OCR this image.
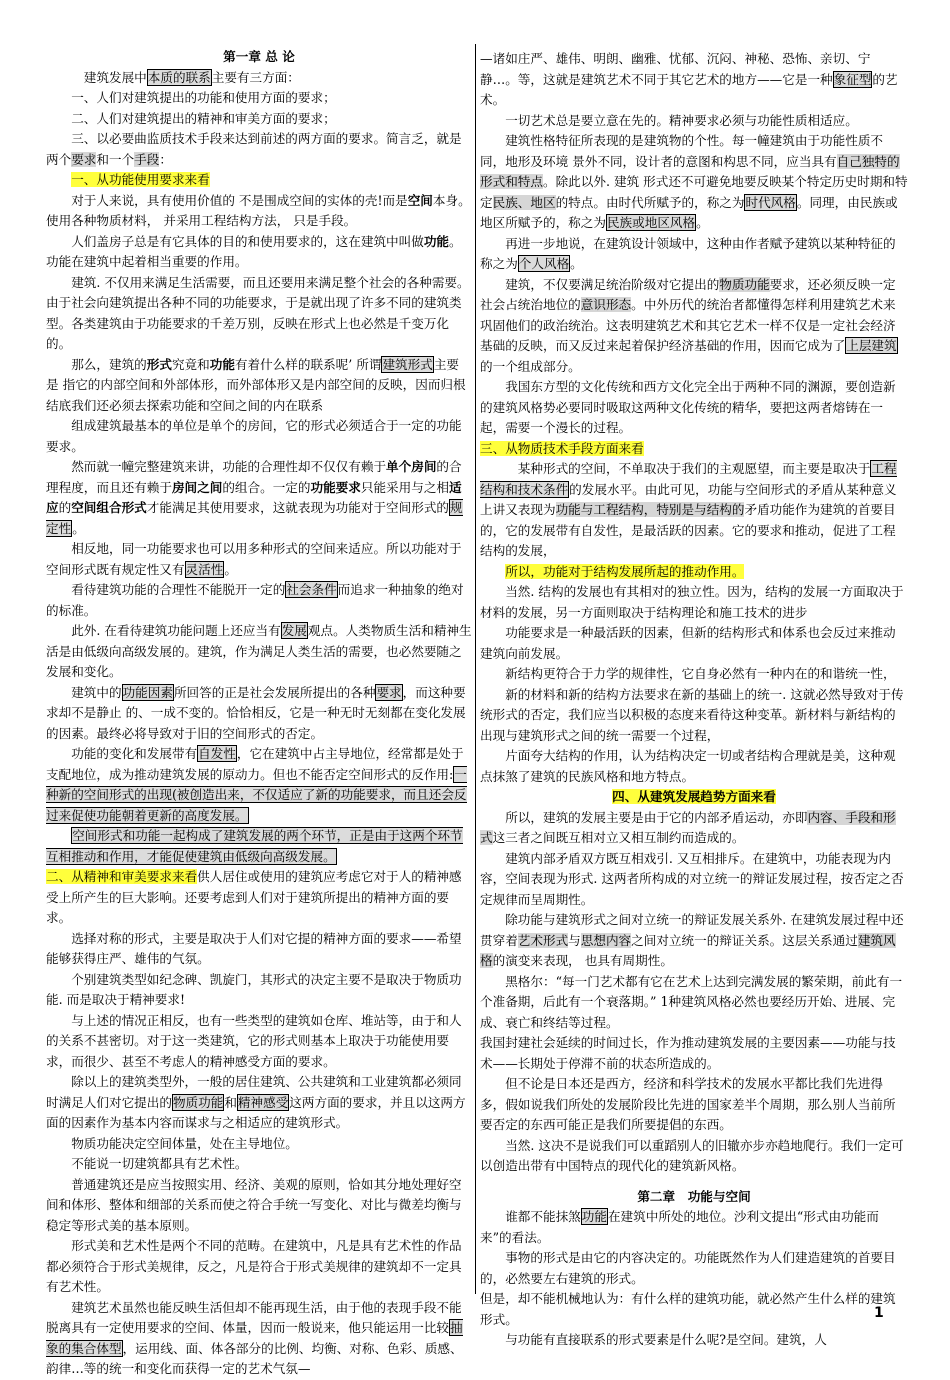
第一章 总 论

建筑发展中本质的联系主要有三方面：

一、人们对建筑提出的功能和使用方面的要求；

二、人们对建筑提出的精神和审美方面的要求；

三、以必要曲监质技术手段来达到前述的两方面的要求。简言乏，就是两个要求和一个手段：

一、从功能使用要求来看

对于人来说，具有使用价值的 不是围成空间的实体的壳!而是空间本身。使用各种物质材料， 并采用工程结构方法， 只是手段。

人们盖房子总是有它具体的目的和使用要求的，这在建筑中叫做功能。功能在建筑中起着相当重要的作用。

建筑. 不仅用来满足生活需要，而且还要用来满足整个社会的各种需要。由于社会向建筑提出各种不同的功能要求，于是就出现了许多不同的建筑类型。各类建筑由于功能要求的千差万别，反映在形式上也必然是千变万化的。

那么，建筑的形式究竟和功能有着什么样的联系呢’ 所谓建筑形式主要 是 指它的内部空间和外部体形，而外部体形又是内部空间的反映，因而归根结底我们还必须去探索功能和空间之间的内在联系

组成建筑最基本的单位是单个的房间，它的形式必须适合于一定的功能要求。

然而就一幢完整建筑来讲，功能的合理性却不仅仅有赖于单个房间的合理程度，而且还有赖于房间之间的组合。一定的功能要求只能采用与之相适应的空间组合形式才能满足其使用要求，这就表现为功能对于空间形式的规定性。

相反地，同一功能要求也可以用多种形式的空间来适应。所以功能对于空间形式既有规定性又有灵活性。

看待建筑功能的合理性不能脱开一定的社会条件而追求一种抽象的绝对的标准。

此外. 在看待建筑功能问题上还应当有发展观点。人类物质生活和精神生活是由低级向高级发展的。建筑，作为满足人类生活的需要，也必然要随之发展和变化。

建筑中的功能因素所回答的正是社会发展所提出的各种要求，而这种要求却不是静止 的、一成不变的。恰恰相反，它是一种无时无刻都在变化发展的因素。最终必将导致对于旧的空间形式的否定。

功能的变化和发展带有自发性，它在建筑中占主导地位，经常都是处于支配地位，成为推动建筑发展的原动力。但也不能否定空间形式的反作用:一种新的空间形式的出现(被创造出来，不仅适应了新的功能要求，而且还会反过来促使功能朝着更新的高度发展。

空间形式和功能一起构成了建筑发展的两个环节，正是由于这两个环节互相推动和作用，才能促使建筑由低级向高级发展。

二、从精神和审美要求来看供人居住或使用的建筑应考虑它对于人的精神感受上所产生的巨大影响。还要考虑到人们对于建筑所提出的精神方面的要求。

选择对称的形式，主要是取决于人们对它提的精神方面的要求——希望能够获得庄严、雄伟的气氛。

个别建筑类型如纪念碑、凯旋门，其形式的决定主要不是取决于物质功能. 而是取决于精神要求!

与上述的情况正相反，也有一些类型的建筑如仓库、堆站等，由于和人的关系不甚密切。对于这一类建筑，它的形式则基本上取决于功能使用要求，而很少、甚至不考虑人的精神感受方面的要求。

除以上的建筑类型外，一般的居住建筑、公共建筑和工业建筑都必须同时满足人们对它提出的物质功能和精神感受这两方面的要求，并且以这两方面的因素作为基本内容而谋求与之相适应的建筑形式。

物质功能决定空间体量，处在主导地位。

不能说一切建筑都具有艺术性。

普通建筑还是应当按照实用、经济、美观的原则，恰如其分地处理好空间和体形、整体和细部的关系而使之符合手统一写变化、对比与微差均衡与稳定等形式美的基本原则。

形式美和艺术性是两个不同的范畴。在建筑中，凡是具有艺术性的作品都必须符合于形式美规律，反之，凡是符合于形式美规律的建筑却不一定具有艺术性。

建筑艺术虽然也能反映生活但却不能再现生活，由于他的表现手段不能脱离具有一定使用要求的空间、体量，因而一般说来，他只能运用一比较抽象的集合体型，运用线、面、体各部分的比例、均衡、对称、色彩、质感、韵律…等的统一和变化而获得一定的艺术气氛—

—诸如庄严、雄伟、明朗、幽雅、忧郁、沉闷、神秘、恐怖、亲切、宁静…。等，这就是建筑艺术不同于其它艺术的地方——它是一种象征型的艺术。

一切艺术总是要立意在先的。精神要求必须与功能性质相适应。

建筑性格特征所表现的是建筑物的个性。每一幢建筑由于功能性质不同，地形及环境 景外不同，设计者的意图和构思不同，应当具有自己独特的形式和特点。除此以外. 建筑 形式还不可避免地要反映某个特定历史时期和特定民族、地区的特点。由时代所赋予的，称之为时代风格。同理，由民族或地区所赋予的，称之为民族或地区风格。

再进一步地说，在建筑设计领域中，这种由作者赋予建筑以某种特征的称之为个人风格。

建筑，不仅要满足统治阶级对它提出的物质功能要求，还必须反映一定社会占统治地位的意识形态。中外历代的统治者都懂得怎样利用建筑艺术来巩固他们的政治统治。这表明建筑艺术和其它艺术一样不仅是一定社会经济基础的反映，而又反过来起着保护经济基础的作用，因而它成为了上层建筑的一个组成部分。

我国东方型的文化传统和西方文化完全出于两种不同的渊源，要创造新的建筑风格势必要同时吸取这两种文化传统的精华，要把这两者熔铸在一起，需要一个漫长的过程。

三、从物质技术手段方面来看

某种形式的空间，不单取决于我们的主观愿望，而主要是取决于工程结构和技术条件的发展水平。由此可见，功能与空间形式的矛盾从某种意义上讲又表现为功能与工程结构，特别是与结构的矛盾功能作为建筑的首要目的，它的发展带有自发性，是最活跃的因素。它的要求和推动，促进了工程结构的发展，

所以，功能对于结构发展所起的推动作用。

当然. 结构的发展也有其相对的独立性。因为，结构的发展一方面取决于材料的发展，另一方面则取决于结构理论和施工技术的进步

功能要求是一种最活跃的因素，但新的结构形式和体系也会反过来推动建筑向前发展。

新结构更符合于力学的规律性，它自身必然有一种内在的和谐统一性，

新的材料和新的结构方法要求在新的基础上的统一. 这就必然导致对于传统形式的否定，我们应当以积极的态度来看待这种变革。新材料与新结构的出现与建筑形式之间的统一需要一个过程，

片面夸大结构的作用，认为结构决定一切或者结构合理就是美，这种观点抹煞了建筑的民族风格和地方特点。

四、从建筑发展趋势方面来看

所以，建筑的发展主要是由于它的内部矛盾运动，亦即内容、手段和形式这三者之间既互相对立又相互制约而造成的。

建筑内部矛盾双方既互相戏引. 又互相排斥。在建筑中，功能表现为内容，空间表现为形式. 这两者所构成的对立统一的辩证发展过程，按否定之否定规律而呈周期性。

除功能与建筑形式之间对立统一的辩证发展关系外. 在建筑发展过程中还贯穿着艺术形式与思想内容之间对立统一的辩证关系。这层关系通过建筑风格的演变来表现， 也具有周期性。

黑格尔：“每一门艺术都有它在艺术上达到完满发展的繁荣期，前此有一个准备期，后此有一个衰落期。” 1种建筑风格必然也要经历开始、进展、完成、衰亡和终结等过程。

我国封建社会延续的时间过长，作为推动建筑发展的主要因素——功能与技术——长期处于停滞不前的状态所造成的。

但不论是日本还是西方，经济和科学技术的发展水平都比我们先进得多，假如说我们所处的发展阶段比先进的国家差半个周期，那么别人当前所要否定的东西可能正是我们所要提倡的东西。

当然. 这决不是说我们可以重蹈别人的旧辙亦步亦趋地爬行。我们一定可以创造出带有中国特点的现代化的建筑新风格。

第二章　功能与空间

谁都不能抹煞功能在建筑中所处的地位。沙利文提出“形式由功能而来”的看法。

事物的形式是由它的内容决定的。功能既然作为人们建造建筑的首要目的，必然要左右建筑的形式。

但是，却不能机械地认为：有什么样的建筑功能，就必然产生什么样的建筑形式。

与功能有直接联系的形式要素是什么呢?是空间。建筑，人

1
